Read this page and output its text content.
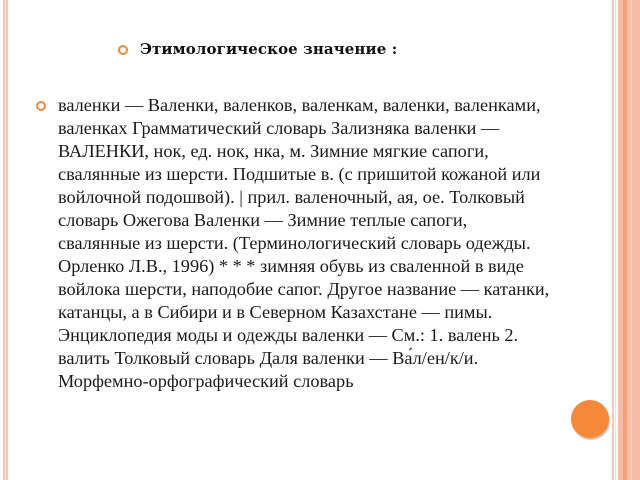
Этимологическое значение :
валенки — Валенки, валенков, валенкам, валенки, валенками, валенках Грамматический словарь Зализняка валенки — ВАЛЕНКИ, нок, ед. нок, нка, м. Зимние мягкие сапоги, свалянные из шерсти. Подшитые в. (с пришитой кожаной или войлочной подошвой). | прил. валеночный, ая, ое. Толковый словарь Ожегова Валенки — Зимние теплые сапоги, свалянные из шерсти. (Терминологический словарь одежды. Орленко Л.В., 1996) * * * зимняя обувь из сваленной в виде войлока шерсти, наподобие сапог. Другое название — катанки, катанцы, а в Сибири и в Северном Казахстане — пимы. Энциклопедия моды и одежды валенки — См.: 1. валень 2. валить Толковый словарь Даля валенки — Ва́л/ен/к/и. Морфемно-орфографический словарь
